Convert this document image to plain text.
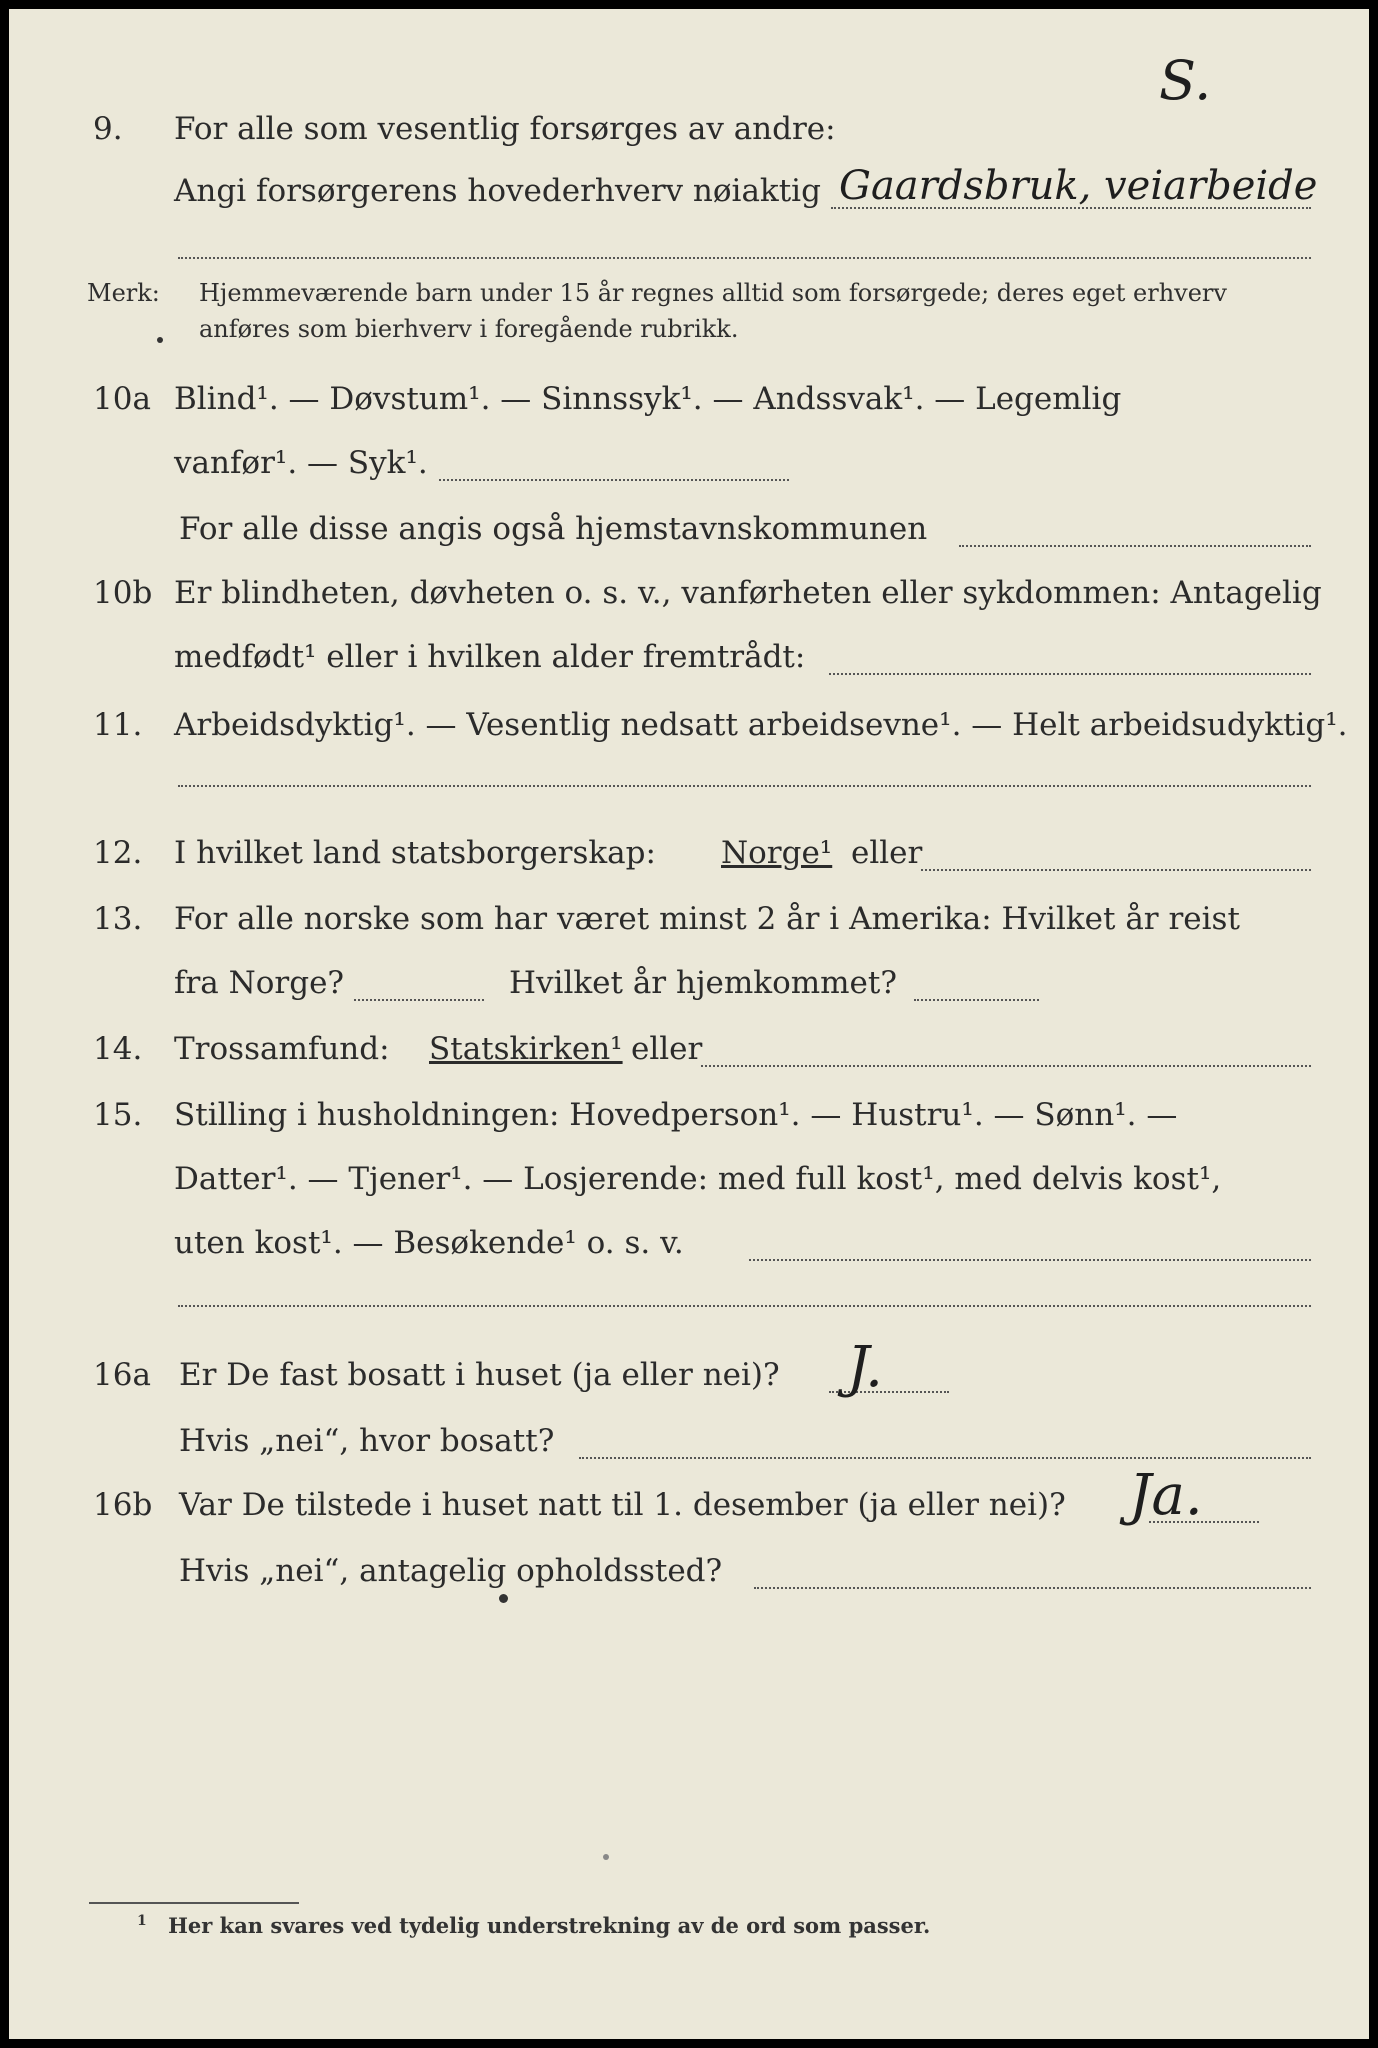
S.
9. For alle som vesentlig forsørges av andre:
Angi forsørgerens hovederhverv nøiaktig Gaardsbruk, veiarbeide
Merk: Hjemmeværende barn under 15 år regnes alltid som forsørgede; deres eget erhverv
anføres som bierhverv i foregående rubrikk.
10a Blind¹. — Døvstum¹. — Sinnssyk¹. — Andssvak¹. — Legemlig
vanfør¹. — Syk¹.
For alle disse angis også hjemstavnskommunen
10b Er blindheten, døvheten o. s. v., vanførheten eller sykdommen: Antagelig
medfødt¹ eller i hvilken alder fremtrådt:
11. Arbeidsdyktig¹. — Vesentlig nedsatt arbeidsevne¹. — Helt arbeidsudyktig¹.
12. I hvilket land statsborgerskap: Norge¹ eller
13. For alle norske som har været minst 2 år i Amerika: Hvilket år reist
fra Norge?	Hvilket år hjemkommet?
14. Trossamfund: Statskirken¹ eller
15. Stilling i husholdningen: Hovedperson¹. — Hustru¹. — Sønn¹. —
Datter¹. — Tjener¹. — Losjerende: med full kost¹, med delvis kost¹,
uten kost¹. — Besøkende¹ o. s. v.
16a Er De fast bosatt i huset (ja eller nei)? J.
Hvis „nei“, hvor bosatt?
16b Var De tilstede i huset natt til 1. desember (ja eller nei)? Ja.
Hvis „nei“, antagelig opholdssted?
$^1$ Her kan svares ved tydelig understrekning av de ord som passer.
